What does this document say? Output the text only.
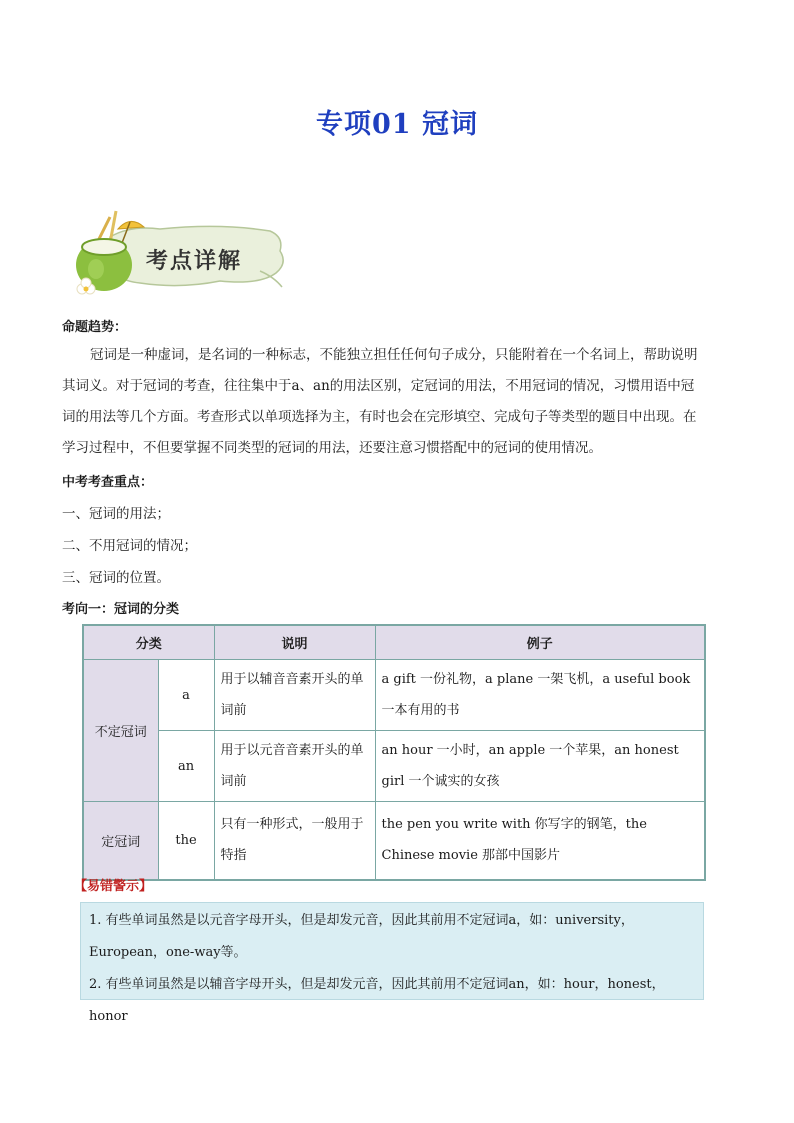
专项01 冠词
考点详解
命题趋势：
冠词是一种虚词，是名词的一种标志，不能独立担任任何句子成分，只能附着在一个名词上，帮助说明其词义。对于冠词的考查，往往集中于a、an的用法区别，定冠词的用法，不用冠词的情况，习惯用语中冠词的用法等几个方面。考查形式以单项选择为主，有时也会在完形填空、完成句子等类型的题目中出现。在学习过程中，不但要掌握不同类型的冠词的用法，还要注意习惯搭配中的冠词的使用情况。
中考考查重点：
一、冠词的用法；
二、不用冠词的情况；
三、冠词的位置。
考向一：冠词的分类
分类		说明	例子
不定冠词	a	用于以辅音音素开头的单词前	a gift 一份礼物，a plane 一架飞机，a useful book 一本有用的书
	an	用于以元音音素开头的单词前	an hour 一小时，an apple 一个苹果，an honest girl 一个诚实的女孩
定冠词	the	只有一种形式，一般用于特指	the pen you write with 你写字的钢笔，the Chinese movie 那部中国影片
【易错警示】

1. 有些单词虽然是以元音字母开头，但是却发元音，因此其前用不定冠词a，如：university，

European，one-way等。

2. 有些单词虽然是以辅音字母开头，但是却发元音，因此其前用不定冠词an，如：hour，honest，honor
